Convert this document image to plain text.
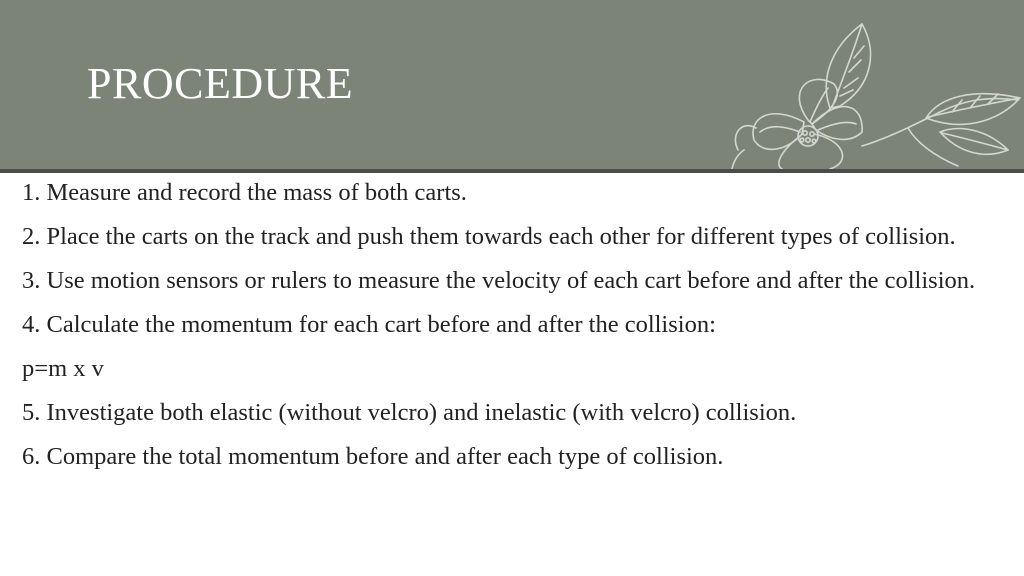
PROCEDURE
1. Measure and record the mass of both carts.
2. Place the carts on the track and push them towards each other for different types of collision.
3. Use motion sensors or rulers to measure the velocity of each cart before and after the collision.
4. Calculate the momentum for each cart before and after the collision:
p=m x v
5. Investigate both elastic (without velcro) and inelastic (with velcro) collision.
6. Compare the total momentum before and after each type of collision.
